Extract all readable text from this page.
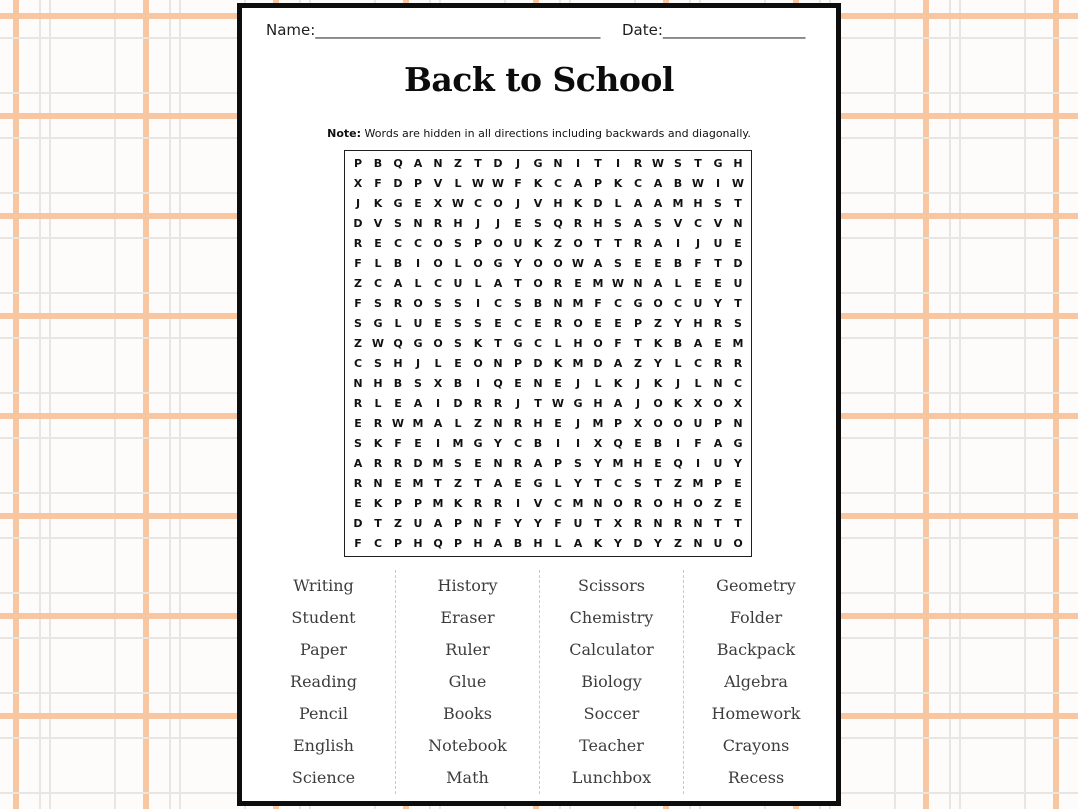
Name:______________________________________ Date:___________________
Back to School
Note: Words are hidden in all directions including backwards and diagonally.
P	B	Q	A	N	Z	T	D	J	G N	I	T	I	R W S	T	G H
X	F	D	P	V	L W W F	K	C	A	P	K	C	A	B W	I	W
J	K	G	E	X W C	O	J	V	H	K	D	L	A	A M H	S	T
D	V	S	N	R	H	J	J	E	S	Q	R	H	S	A	S	V	C	V	N
R	E	C	C	O	S	P	O U	K	Z	O	T	T	R	A	I	J	U	E
F	L	B	I	O	L	O G	Y	O O W A	S	E	E	B	F	T	D
Z	C	A	L	C	U	L	A	T	O	R	E M W N	A	L	E	E	U
F	S	R	O	S	S	I	C	S	B	N M F	C	G O	C	U	Y	T
S	G	L	U	E	S	S	E	C	E	R	O	E	E	P	Z	Y	H	R	S
Z W Q G O	S	K	T	G	C	L	H O	F	T	K	B	A	E M
C	S	H	J	L	E	O N	P	D	K M D	A	Z	Y	L	C	R	R
N H	B	S	X	B	I	Q	E	N	E	J	L	K	J	K	J	L	N	C
R	L	E	A	I	D	R	R	J	T W G H	A	J	O	K	X	O	X
E	R W M A	L	Z	N	R	H	E	J	M P	X	O O U	P	N
S	K	F	E	I	M G	Y	C	B	I	I	X	Q	E	B	I	F	A	G
A	R	R	D M S	E	N	R	A	P	S	Y M H	E	Q	I	U	Y
R	N	E M T	Z	T	A	E	G	L	Y	T	C	S	T	Z M P	E
E	K	P	P M K	R	R	I	V	C M N O	R	O H O	Z	E
D	T	Z	U	A	P	N	F	Y	Y	F	U	T	X	R	N	R	N	T	T
F	C	P	H Q	P	H	A	B	H	L	A	K	Y	D	Y	Z	N U O
Writing
Student
Paper
Reading
Pencil
English
Science
History
Eraser
Ruler
Glue
Books
Notebook
Math
Scissors
Chemistry
Calculator
Biology
Soccer
Teacher
Lunchbox
Geometry
Folder
Backpack
Algebra
Homework
Crayons
Recess
